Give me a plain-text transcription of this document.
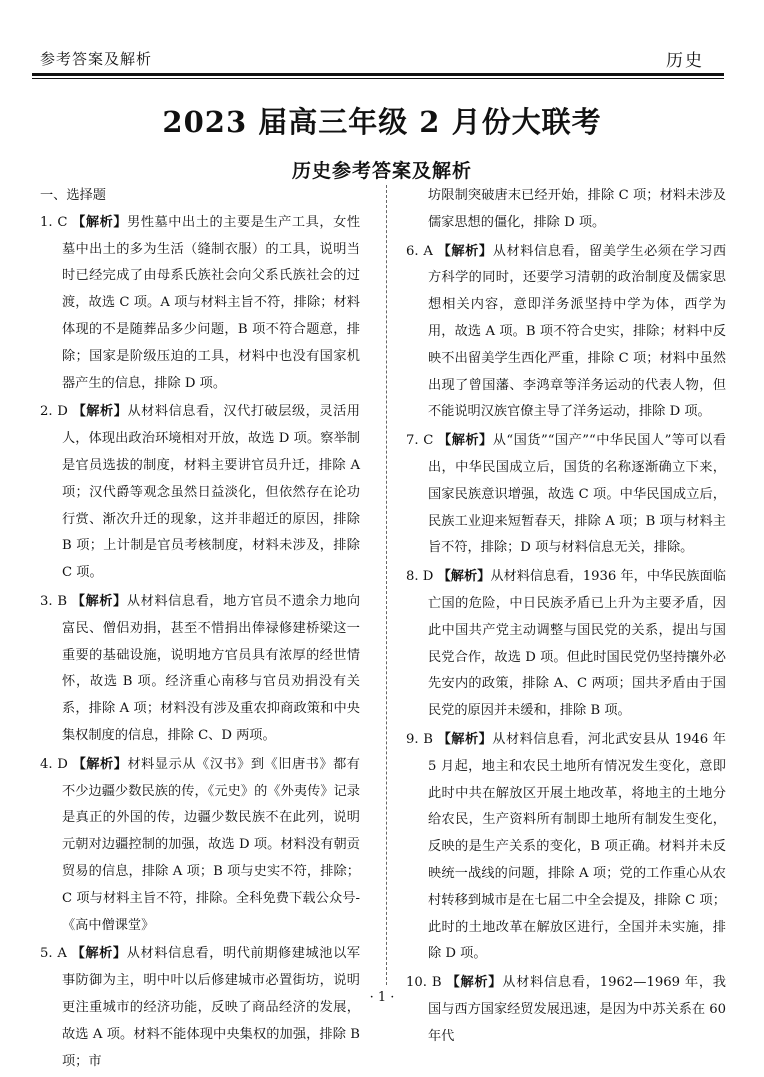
参考答案及解析	历史
2023 届高三年级 2 月份大联考
历史参考答案及解析
一、选择题

1. C 【解析】男性墓中出土的主要是生产工具，女性墓中出土的多为生活（缝制衣服）的工具，说明当时已经完成了由母系氏族社会向父系氏族社会的过渡，故选 C 项。A 项与材料主旨不符，排除；材料体现的不是随葬品多少问题，B 项不符合题意，排除；国家是阶级压迫的工具，材料中也没有国家机器产生的信息，排除 D 项。

2. D 【解析】从材料信息看，汉代打破层级，灵活用人，体现出政治环境相对开放，故选 D 项。察举制是官员选拔的制度，材料主要讲官员升迁，排除 A 项；汉代爵等观念虽然日益淡化，但依然存在论功行赏、渐次升迁的现象，这并非超迁的原因，排除 B 项；上计制是官员考核制度，材料未涉及，排除 C 项。

3. B 【解析】从材料信息看，地方官员不遗余力地向富民、僧侣劝捐，甚至不惜捐出俸禄修建桥梁这一重要的基础设施，说明地方官员具有浓厚的经世情怀，故选 B 项。经济重心南移与官员劝捐没有关系，排除 A 项；材料没有涉及重农抑商政策和中央集权制度的信息，排除 C、D 两项。

4. D 【解析】材料显示从《汉书》到《旧唐书》都有不少边疆少数民族的传，《元史》的《外夷传》记录是真正的外国的传，边疆少数民族不在此列，说明元朝对边疆控制的加强，故选 D 项。材料没有朝贡贸易的信息，排除 A 项；B 项与史实不符，排除；C 项与材料主旨不符，排除。全科免费下载公众号-《高中僧课堂》

5. A 【解析】从材料信息看，明代前期修建城池以军事防御为主，明中叶以后修建城市必置街坊，说明更注重城市的经济功能，反映了商品经济的发展，故选 A 项。材料不能体现中央集权的加强，排除 B 项；市

坊限制突破唐末已经开始，排除 C 项；材料未涉及儒家思想的僵化，排除 D 项。

6. A 【解析】从材料信息看，留美学生必须在学习西方科学的同时，还要学习清朝的政治制度及儒家思想相关内容，意即洋务派坚持中学为体，西学为用，故选 A 项。B 项不符合史实，排除；材料中反映不出留美学生西化严重，排除 C 项；材料中虽然出现了曾国藩、李鸿章等洋务运动的代表人物，但不能说明汉族官僚主导了洋务运动，排除 D 项。

7. C 【解析】从“国货”“国产”“中华民国人”等可以看出，中华民国成立后，国货的名称逐渐确立下来，国家民族意识增强，故选 C 项。中华民国成立后，民族工业迎来短暂春天，排除 A 项；B 项与材料主旨不符，排除；D 项与材料信息无关，排除。

8. D 【解析】从材料信息看，1936 年，中华民族面临亡国的危险，中日民族矛盾已上升为主要矛盾，因此中国共产党主动调整与国民党的关系，提出与国民党合作，故选 D 项。但此时国民党仍坚持攘外必先安内的政策，排除 A、C 两项；国共矛盾由于国民党的原因并未缓和，排除 B 项。

9. B 【解析】从材料信息看，河北武安县从 1946 年 5 月起，地主和农民土地所有情况发生变化，意即此时中共在解放区开展土地改革，将地主的土地分给农民，生产资料所有制即土地所有制发生变化，反映的是生产关系的变化，B 项正确。材料并未反映统一战线的问题，排除 A 项；党的工作重心从农村转移到城市是在七届二中全会提及，排除 C 项；此时的土地改革在解放区进行，全国并未实施，排除 D 项。

10. B 【解析】从材料信息看，1962—1969 年，我国与西方国家经贸发展迅速，是因为中苏关系在 60 年代

· 1 ·
